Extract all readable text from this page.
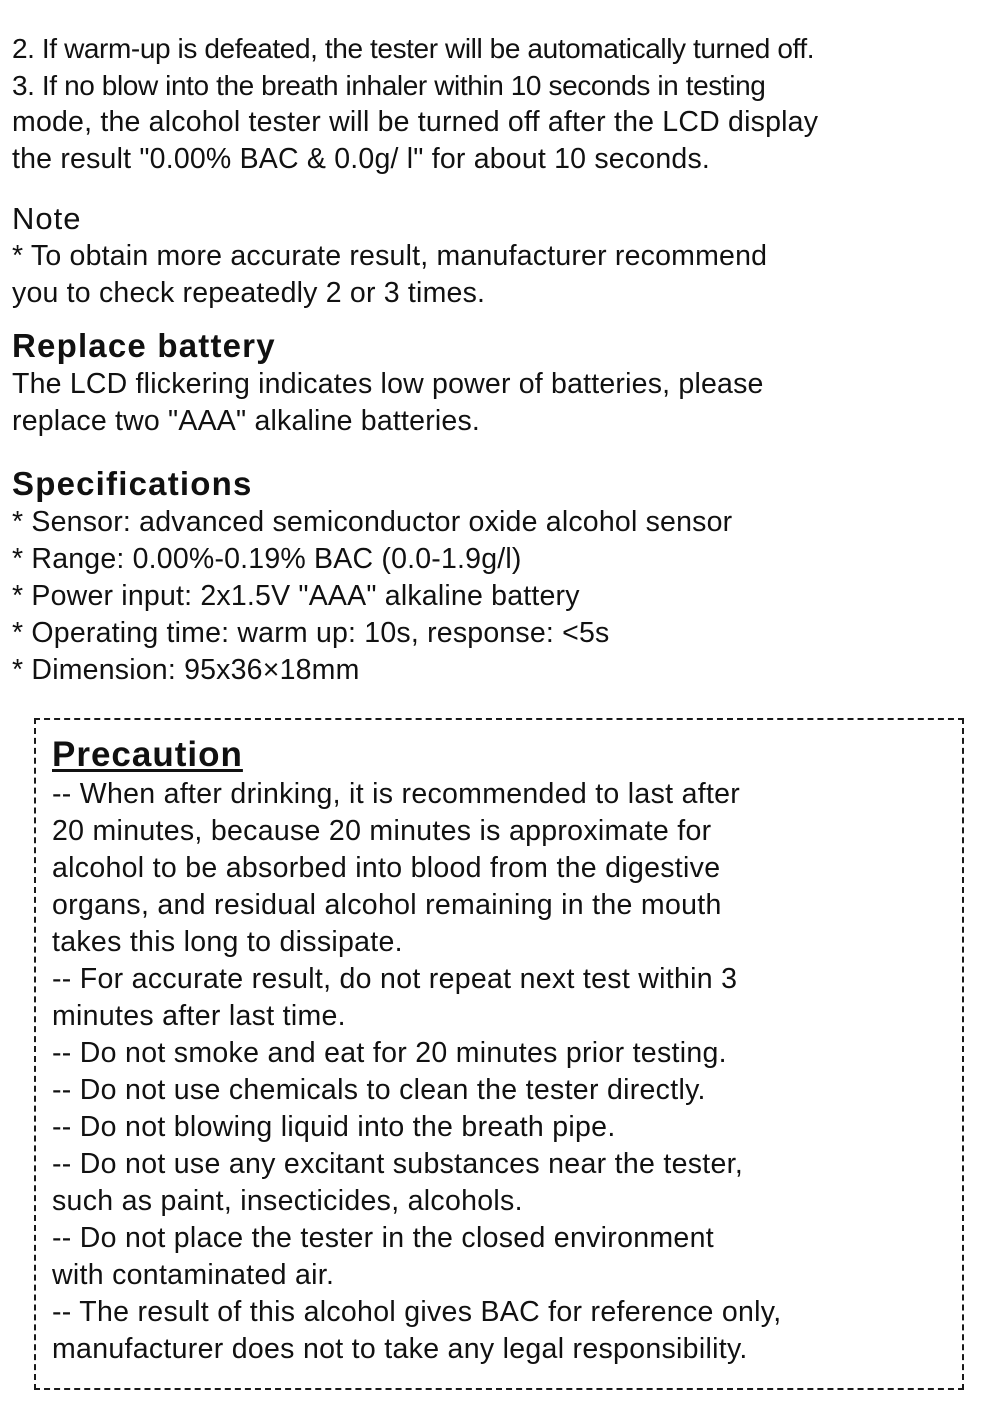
2. If warm-up is defeated, the tester will be automatically turned off.
3. If no blow into the breath inhaler within 10 seconds in testing
mode, the alcohol tester will be turned off after the LCD display
the result "0.00% BAC & 0.0g/ l" for about 10 seconds.
Note
* To obtain more accurate result, manufacturer recommend
you to check repeatedly 2 or 3 times.
Replace battery
The LCD flickering indicates low power of batteries, please
replace two "AAA" alkaline batteries.
Specifications
* Sensor: advanced semiconductor oxide alcohol sensor
* Range: 0.00%-0.19% BAC (0.0-1.9g/l)
* Power input: 2x1.5V "AAA" alkaline battery
* Operating time: warm up: 10s, response: <5s
* Dimension: 95x36×18mm
Precaution
-- When after drinking, it is recommended to last after
20 minutes, because 20 minutes is approximate for
alcohol to be absorbed into blood from the digestive
organs, and residual alcohol remaining in the mouth
takes this long to dissipate.
-- For accurate result, do not repeat next test within 3
minutes after last time.
-- Do not smoke and eat for 20 minutes prior testing.
-- Do not use chemicals to clean the tester directly.
-- Do not blowing liquid into the breath pipe.
-- Do not use any excitant substances near the tester,
such as paint, insecticides, alcohols.
-- Do not place the tester in the closed environment
with contaminated air.
-- The result of this alcohol gives BAC for reference only,
manufacturer does not to take any legal responsibility.
